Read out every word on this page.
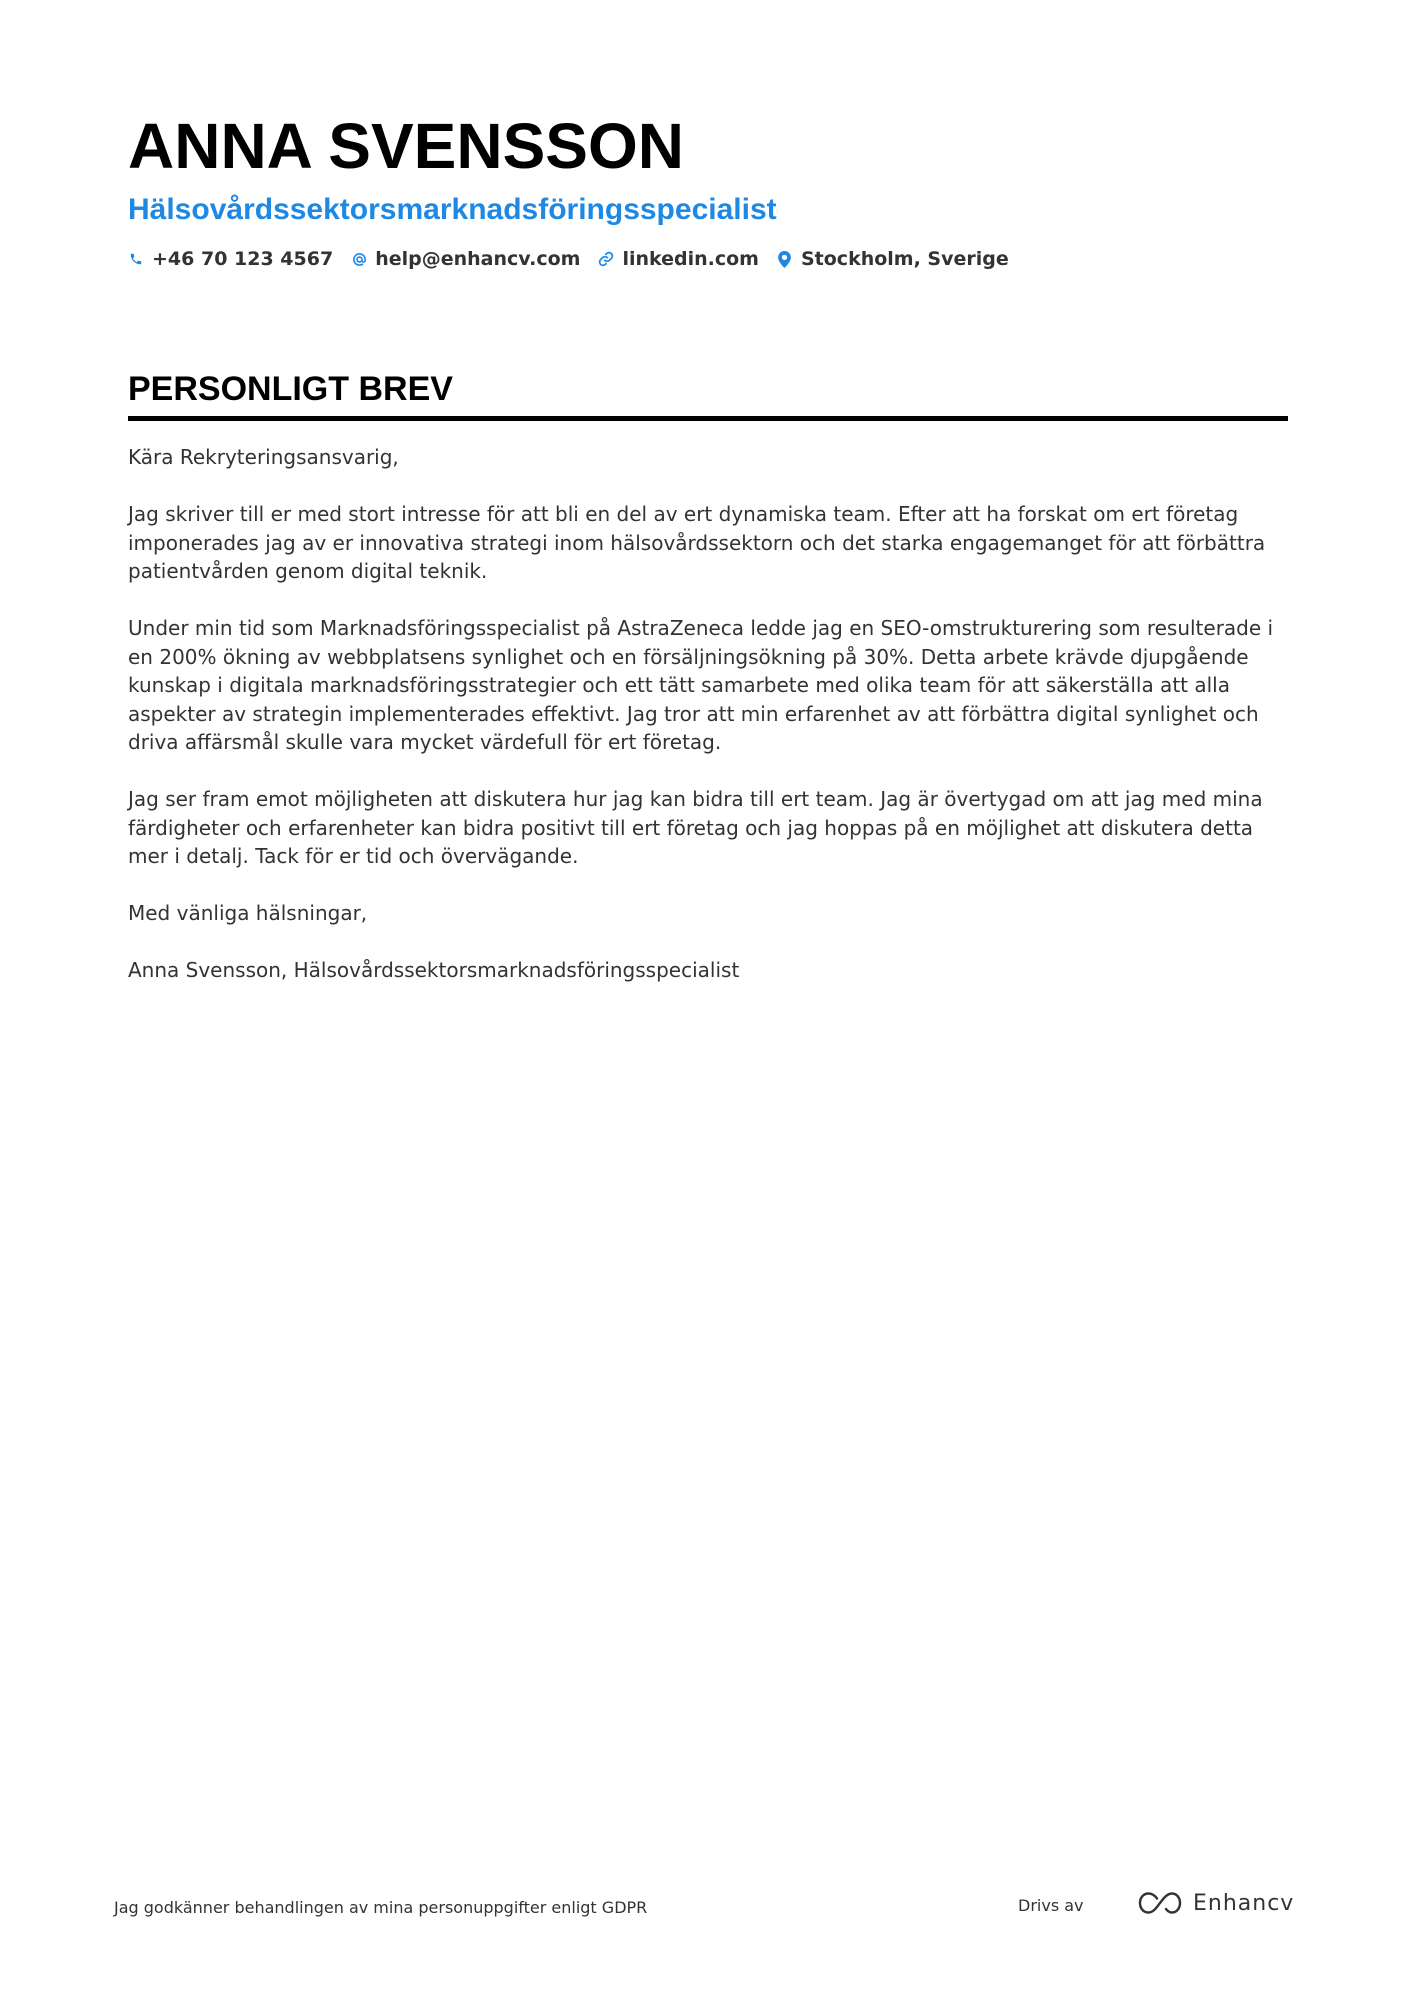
ANNA SVENSSON
Hälsovårdssektorsmarknadsföringsspecialist
+46 70 123 4567 help@enhancv.com linkedin.com Stockholm, Sverige
PERSONLIGT BREV

Kära Rekryteringsansvarig,

Jag skriver till er med stort intresse för att bli en del av ert dynamiska team. Efter att ha forskat om ert företag imponerades jag av er innovativa strategi inom hälsovårdssektorn och det starka engagemanget för att förbättra patientvården genom digital teknik.

Under min tid som Marknadsföringsspecialist på AstraZeneca ledde jag en SEO-omstrukturering som resulterade i en 200% ökning av webbplatsens synlighet och en försäljningsökning på 30%. Detta arbete krävde djupgående kunskap i digitala marknadsföringsstrategier och ett tätt samarbete med olika team för att säkerställa att alla aspekter av strategin implementerades effektivt. Jag tror att min erfarenhet av att förbättra digital synlighet och driva affärsmål skulle vara mycket värdefull för ert företag.

Jag ser fram emot möjligheten att diskutera hur jag kan bidra till ert team. Jag är övertygad om att jag med mina färdigheter och erfarenheter kan bidra positivt till ert företag och jag hoppas på en möjlighet att diskutera detta mer i detalj. Tack för er tid och övervägande.

Med vänliga hälsningar,

Anna Svensson, Hälsovårdssektorsmarknadsföringsspecialist

Jag godkänner behandlingen av mina personuppgifter enligt GDPR	Drivs av	Enhancv
